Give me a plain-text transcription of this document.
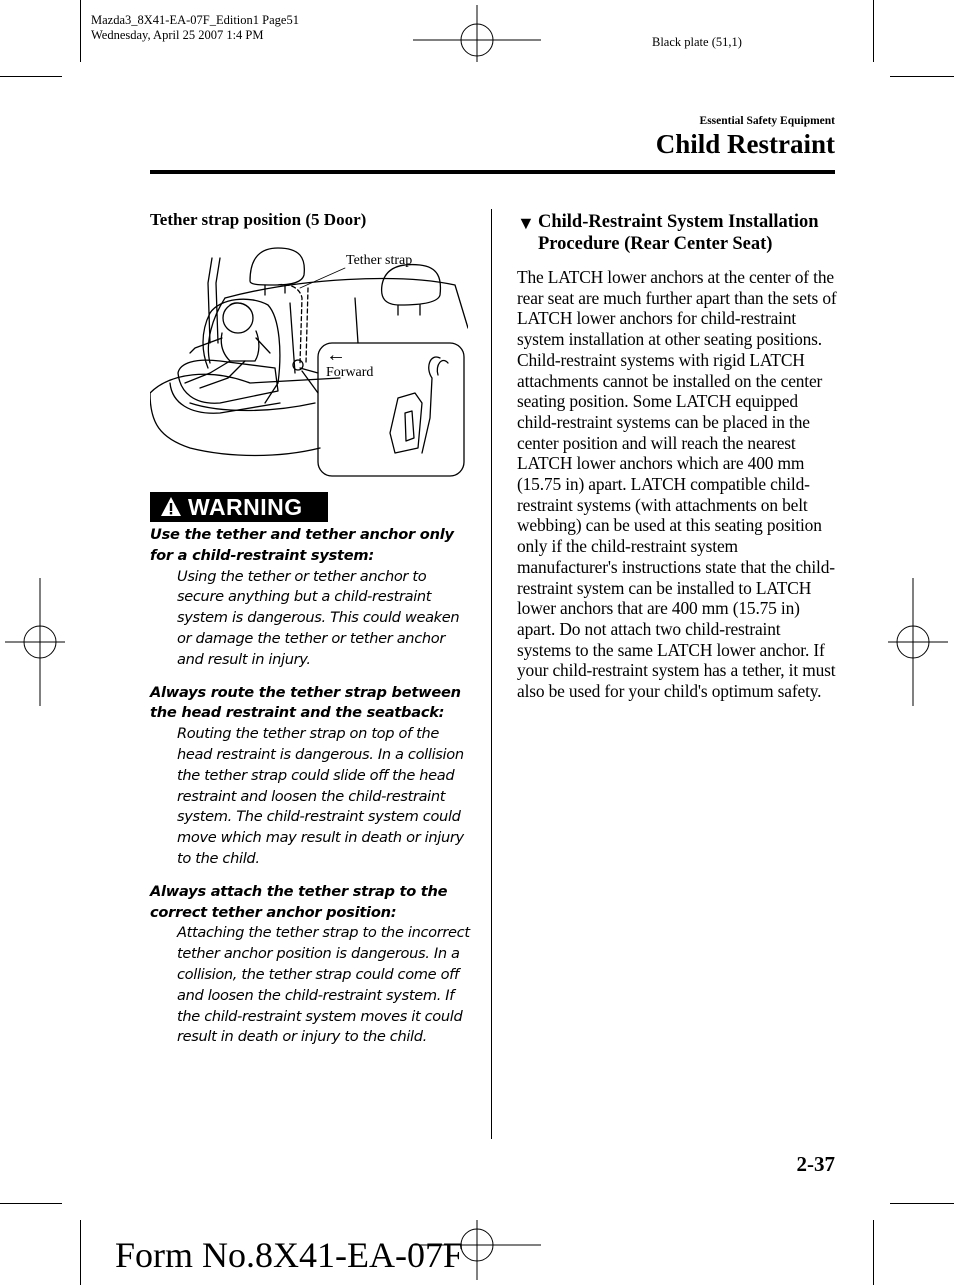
Mazda3_8X41-EA-07F_Edition1 Page51
Wednesday, April 25 2007 1:4 PM	Black plate (51,1)
Essential Safety Equipment
Child Restraint
Tether strap position (5 Door)
Tether strap
←
Forward
WARNING
Use the tether and tether anchor only for a child-restraint system:
Using the tether or tether anchor to secure anything but a child-restraint system is dangerous. This could weaken or damage the tether or tether anchor and result in injury.
Always route the tether strap between the head restraint and the seatback:
Routing the tether strap on top of the head restraint is dangerous. In a collision the tether strap could slide off the head restraint and loosen the child-restraint system. The child-restraint system could move which may result in death or injury to the child.
Always attach the tether strap to the correct tether anchor position:
Attaching the tether strap to the incorrect tether anchor position is dangerous. In a collision, the tether strap could come off and loosen the child-restraint system. If the child-restraint system moves it could result in death or injury to the child.
▼ Child-Restraint System Installation Procedure (Rear Center Seat)
The LATCH lower anchors at the center of the rear seat are much further apart than the sets of LATCH lower anchors for child-restraint system installation at other seating positions. Child-restraint systems with rigid LATCH attachments cannot be installed on the center seating position. Some LATCH equipped child-restraint systems can be placed in the center position and will reach the nearest LATCH lower anchors which are 400 mm (15.75 in) apart. LATCH compatible child-restraint systems (with attachments on belt webbing) can be used at this seating position only if the child-restraint system manufacturer's instructions state that the child-restraint system can be installed to LATCH lower anchors that are 400 mm (15.75 in) apart. Do not attach two child-restraint systems to the same LATCH lower anchor. If your child-restraint system has a tether, it must also be used for your child's optimum safety.
2-37
Form No.8X41-EA-07F
